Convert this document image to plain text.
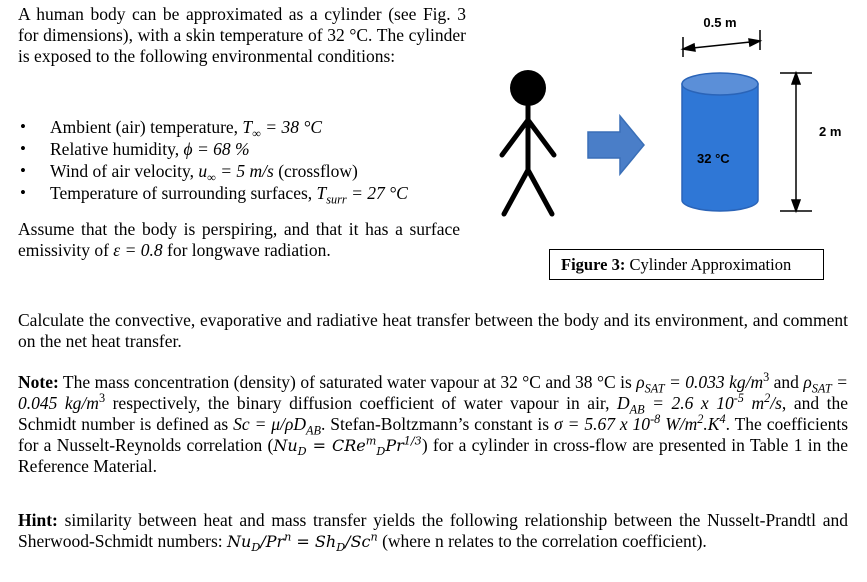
A human body can be approximated as a cylinder (see Fig. 3 for dimensions), with a skin temperature of 32 °C. The cylinder is exposed to the following environmental conditions:

• Ambient (air) temperature, $T_\infty = 38$ °C
• Relative humidity, ϕ = 68 %
• Wind of air velocity, $u_\infty = 5$ m/s (crossflow)
• Temperature of surrounding surfaces, $T_{surr} = 27$ °C

Assume that the body is perspiring, and that it has a surface emissivity of ε = 0.8 for longwave radiation.

0.5 m
32 °C
2 m
Figure 3: Cylinder Approximation

Calculate the convective, evaporative and radiative heat transfer between the body and its environment, and comment on the net heat transfer.

Note: The mass concentration (density) of saturated water vapour at 32 °C and 38 °C is $\rho_{SAT} = 0.033$ $kg/m^3$ and $\rho_{SAT} = 0.045$ $kg/m^3$ respectively, the binary diffusion coefficient of water vapour in air, $D_{AB} = 2.6$ x $10^{-5}$ $m^2/s$, and the Schmidt number is defined as $Sc = \mu/\rho D_{AB}$. Stefan-Boltzmann’s constant is σ = 5.67 x $10^{-8}$ $W/m^2.K^4$. The coefficients for a Nusselt-Reynolds correlation $(Nu_D = CRe^m_DPr^{1/3})$ for a cylinder in cross-flow are presented in Table 1 in the Reference Material.

Hint: similarity between heat and mass transfer yields the following relationship between the Nusselt-Prandtl and Sherwood-Schmidt numbers: $Nu_D/Pr^n = Sh_D/Sc^n$ (where n relates to the correlation coefficient).
